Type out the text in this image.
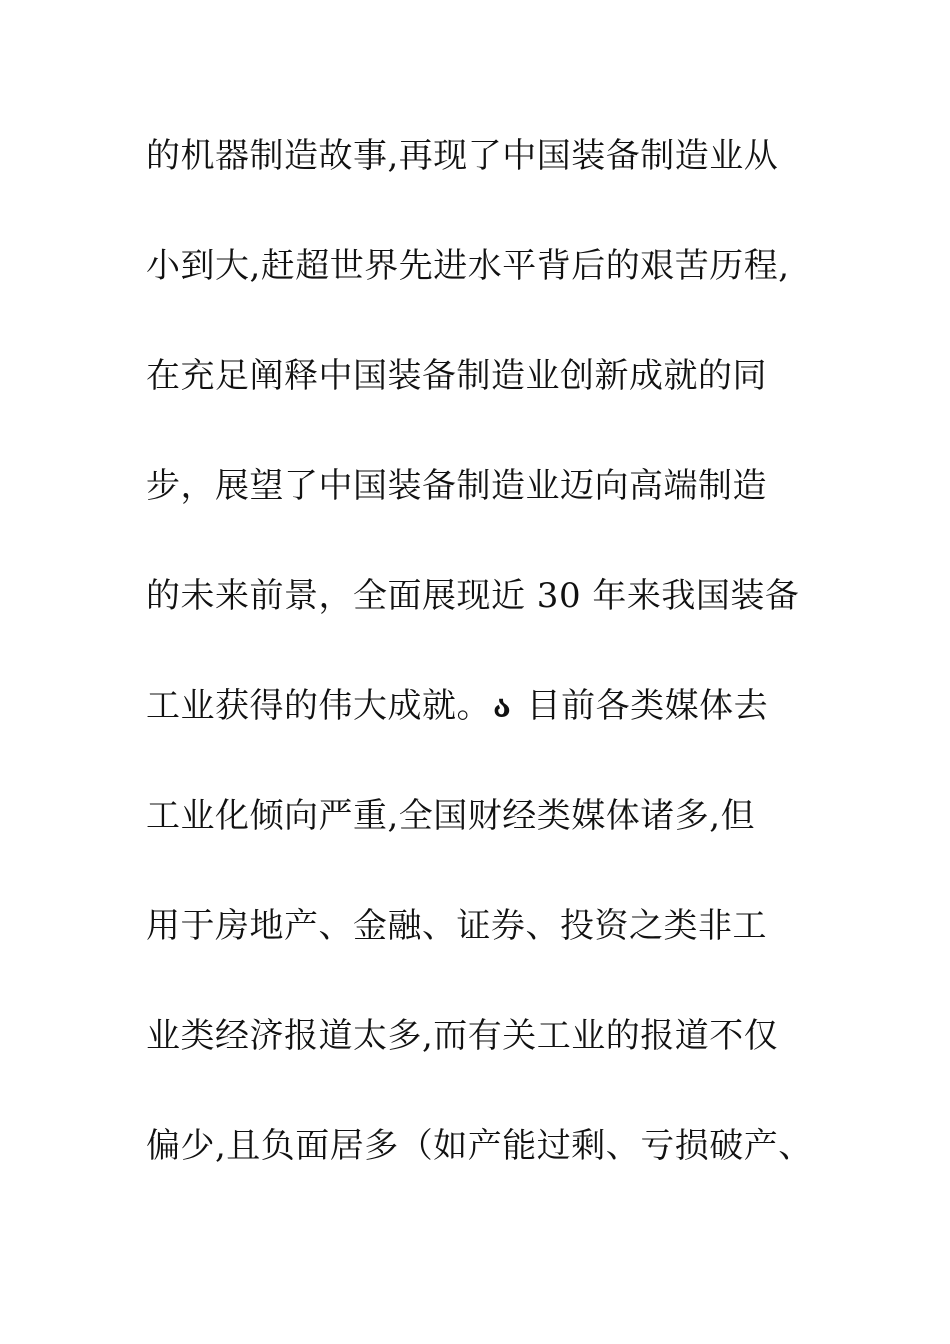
的机器制造故事,再现了中国装备制造业从
小到大,赶超世界先进水平背后的艰苦历程,
在充足阐释中国装备制造业创新成就的同
步，展望了中国装备制造业迈向高端制造
的未来前景，全面展现近 30 年来我国装备
工业获得的伟大成就。ა 目前各类媒体去
工业化倾向严重,全国财经类媒体诸多,但
用于房地产、金融、证券、投资之类非工
业类经济报道太多,而有关工业的报道不仅
偏少,且负面居多（如产能过剩、亏损破产、
